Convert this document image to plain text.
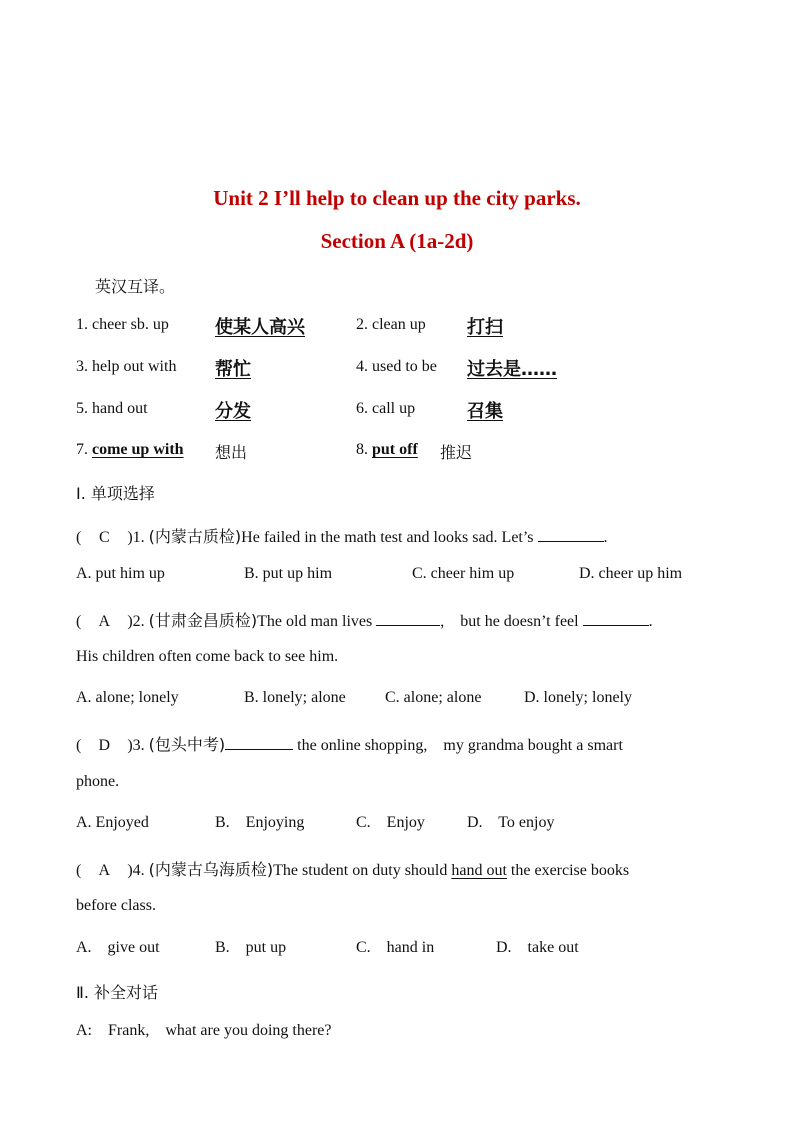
Unit 2 I’ll help to clean up the city parks.
Section A (1a-2d)
英汉互译。
1. cheer sb. up	使某人高兴	2. clean up 打扫
3. help out with 帮忙	4. used to be 过去是……
5. hand out	分发	6. call up	召集
7. come up with 想出	8. put off 推迟
Ⅰ. 单项选择
( C )1. (内蒙古质检)He failed in the math test and looks sad. Let’s	.
A. put him up	B. put up him	C. cheer him up	D. cheer up him
( A )2. (甘肃金昌质检)The old man lives	,    but he doesn’t feel	.
His children often come back to see him.
A. alone; lonely	B. lonely; alone C. alone; alone	D. lonely; lonely
( D )3. (包头中考)	the online shopping,    my grandma bought a smart
phone.
A. Enjoyed	B.    Enjoying	C.    Enjoy	D.    To enjoy
( A )4. (内蒙古乌海质检)The student on duty should hand out the exercise books
before class.
A.    give out	B.    put up	C.    hand in	D.    take out
Ⅱ. 补全对话
A:    Frank,    what are you doing there?
